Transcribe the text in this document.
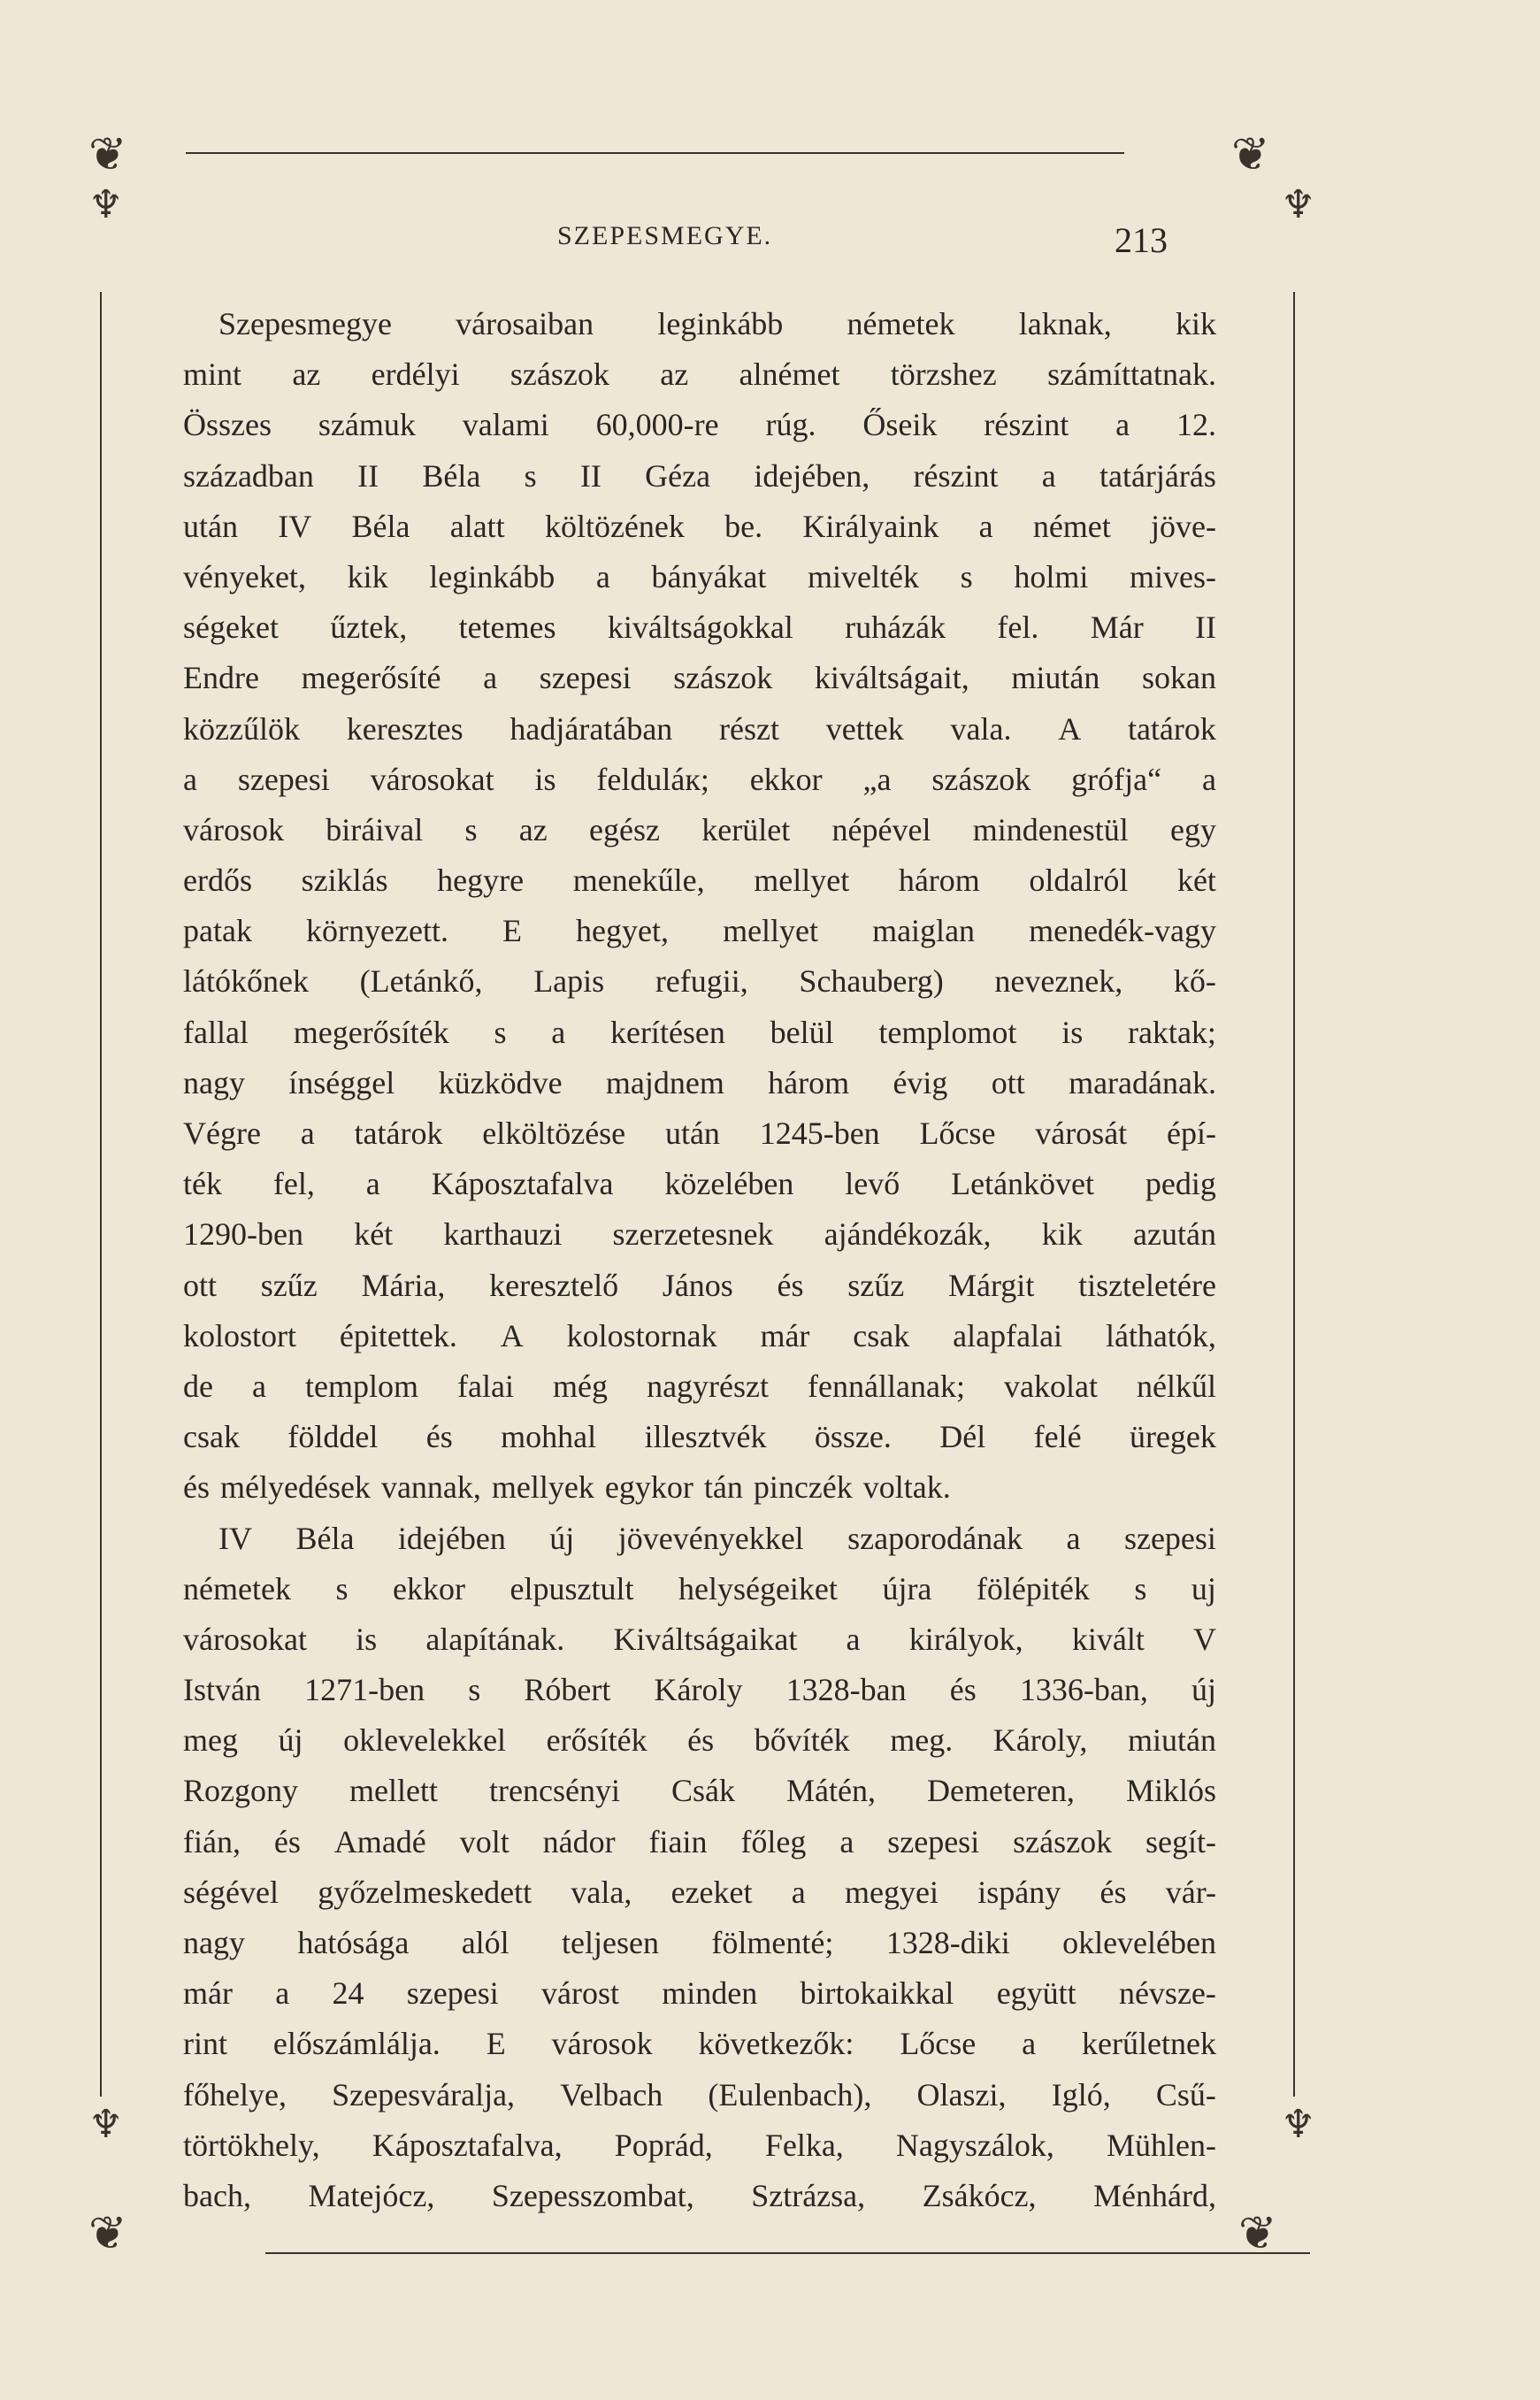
❦	❦
❦	❦
♆	♆
♆	♆
SZEPESMEGYE.	213
Szepesmegye városaiban leginkább németek laknak, kik
mint az erdélyi szászok az alnémet törzshez számíttatnak.
Összes számuk valami 60,000-re rúg. Őseik részint a 12.
században II Béla s II Géza idejében, részint a tatárjárás
után IV Béla alatt költözének be. Királyaink a német jöve-
vényeket, kik leginkább a bányákat mivelték s holmi mives-
ségeket űztek, tetemes kiváltságokkal ruházák fel. Már II
Endre megerősíté a szepesi szászok kiváltságait, miután sokan
közzűlök keresztes hadjáratában részt vettek vala. A tatárok
a szepesi városokat is felduláк; ekkor „a szászok grófja“ a
városok biráival s az egész kerület népével mindenestül egy
erdős sziklás hegyre menekűle, mellyet három oldalról két
patak környezett. E hegyet, mellyet maiglan menedék-vagy
látókőnek (Letánkő, Lapis refugii, Schauberg) neveznek, kő-
fallal megerősíték s a kerítésen belül templomot is raktak;
nagy ínséggel küzködve majdnem három évig ott maradának.
Végre a tatárok elköltözése után 1245-ben Lőcse városát épí-
ték fel, a Káposztafalva közelében levő Letánkövet pedig
1290-ben két karthauzi szerzetesnek ajándékozák, kik azután
ott szűz Mária, keresztelő János és szűz Márgit tiszteletére
kolostort épitettek. A kolostornak már csak alapfalai láthatók,
de a templom falai még nagyrészt fennállanak; vakolat nélkűl
csak földdel és mohhal illesztvék össze. Dél felé üregek
és mélyedések vannak, mellyek egykor tán pinczék voltak.
IV Béla idejében új jövevényekkel szaporodának a szepesi
németek s ekkor elpusztult helységeiket újra fölépiték s uj
városokat is alapítának. Kiváltságaikat a királyok, kivált V
István 1271-ben s Róbert Károly 1328-ban és 1336-ban, új
meg új oklevelekkel erősíték és bővíték meg. Károly, miután
Rozgony mellett trencsényi Csák Mátén, Demeteren, Miklós
fián, és Amadé volt nádor fiain főleg a szepesi szászok segít-
ségével győzelmeskedett vala, ezeket a megyei ispány és vár-
nagy hatósága alól teljesen fölmenté; 1328-diki oklevelében
már a 24 szepesi várost minden birtokaikkal együtt névsze-
rint előszámlálja. E városok következők: Lőcse a kerűletnek
főhelye, Szepesváralja, Velbach (Eulenbach), Olaszi, Igló, Csű-
törtökhely, Káposztafalva, Poprád, Felka, Nagyszálok, Mühlen-
bach, Matejócz, Szepesszombat, Sztrázsa, Zsákócz, Ménhárd,
